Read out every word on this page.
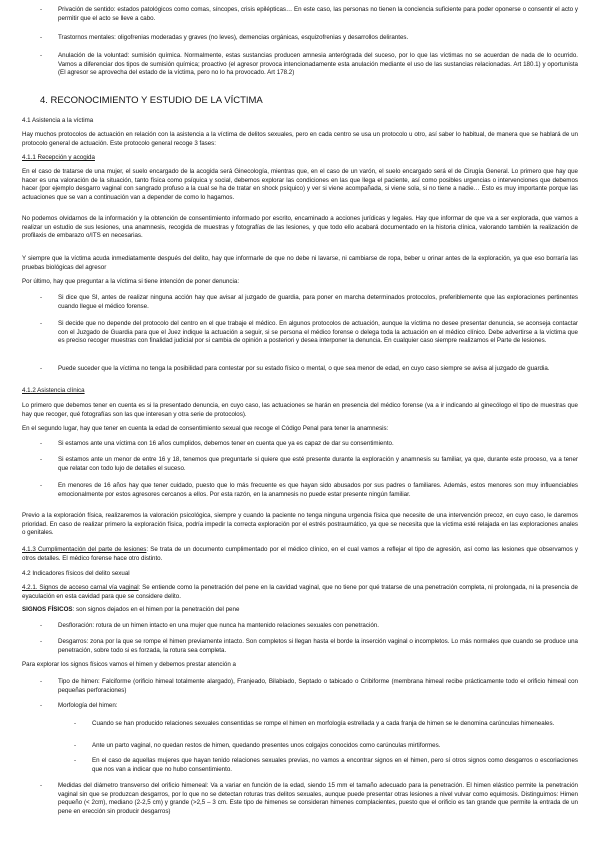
-	Privación de sentido: estados patológicos como comas, síncopes, crisis epilépticas… En este caso, las personas no tienen la conciencia suficiente para poder oponerse o consentir el acto y permitir que el acto se lleve a cabo.

-	Trastornos mentales: oligofrenias moderadas y graves (no leves), demencias orgánicas, esquizofrenias y desarrollos delirantes.

-	Anulación de la voluntad: sumisión química. Normalmente, estas sustancias producen amnesia anterógrada del suceso, por lo que las víctimas no se acuerdan de nada de lo ocurrido. Vamos a diferenciar dos tipos de sumisión química; proactivo (el agresor provoca intencionadamente esta anulación mediante el uso de las sustancias relacionadas. Art 180.1) y oportunista (El agresor se aprovecha del estado de la víctima, pero no lo ha provocado. Art 178.2)

4. RECONOCIMIENTO Y ESTUDIO DE LA VÍCTIMA

4.1 Asistencia a la víctima

Hay muchos protocolos de actuación en relación con la asistencia a la víctima de delitos sexuales, pero en cada centro se usa un protocolo u otro, así saber lo habitual, de manera que se hablará de un protocolo general de actuación. Este protocolo general recoge 3 fases:

4.1.1 Recepción y acogida

En el caso de tratarse de una mujer, el suelo encargado de la acogida será Ginecología, mientras que, en el caso de un varón, el suelo encargado será el de Cirugía General. Lo primero que hay que hacer es una valoración de la situación, tanto física como psíquica y social, debemos explorar las condiciones en las que llega el paciente, así como posibles urgencias o intervenciones que debemos hacer (por ejemplo desgarro vaginal con sangrado profuso a la cual se ha de tratar en shock psíquico) y ver si viene acompañada, si viene sola, si no tiene a nadie… Esto es muy importante porque las actuaciones que se van a continuación van a depender de como lo hagamos.

No podemos olvidarnos de la información y la obtención de consentimiento informado por escrito, encaminado a acciones jurídicas y legales. Hay que informar de que va a ser explorada, que vamos a realizar un estudio de sus lesiones, una anamnesis, recogida de muestras y fotografías de las lesiones, y que todo ello acabará documentado en la historia clínica, valorando también la realización de profilaxis de embarazo o/ITS en necesarias.

Y siempre que la víctima acuda inmediatamente después del delito, hay que informarle de que no debe ni lavarse, ni cambiarse de ropa, beber u orinar antes de la exploración, ya que eso borraría las pruebas biológicas del agresor

Por último, hay que preguntar a la víctima si tiene intención de poner denuncia:

-	Si dice que SI, antes de realizar ninguna acción hay que avisar al juzgado de guardia, para poner en marcha determinados protocolos, preferiblemente que las exploraciones pertinentes cuando llegue el médico forense.

-	Si decide que no depende del protocolo del centro en el que trabaje el médico. En algunos protocolos de actuación, aunque la víctima no desee presentar denuncia, se aconseja contactar con el Juzgado de Guardia para que el Juez indique la actuación a seguir, si se persona el médico forense o delega toda la actuación en el médico clínico. Debe advertirse a la víctima que es preciso recoger muestras con finalidad judicial por si cambia de opinión a posteriori y desea interponer la denuncia. En cualquier caso siempre realizamos el Parte de lesiones.

-	Puede suceder que la víctima no tenga la posibilidad para contestar por su estado físico o mental, o que sea menor de edad, en cuyo caso siempre se avisa al juzgado de guardia.

4.1.2 Asistencia clínica

Lo primero que debemos tener en cuenta es si la presentado denuncia, en cuyo caso, las actuaciones se harán en presencia del médico forense (va a ir indicando al ginecólogo el tipo de muestras que hay que recoger, qué fotografías son las que interesan y otra serie de protocolos).

En el segundo lugar, hay que tener en cuenta la edad de consentimiento sexual que recoge el Código Penal para tener la anamnesis:

-	Si estamos ante una víctima con 16 años cumplidos, debemos tener en cuenta que ya es capaz de dar su consentimiento.

-	Si estamos ante un menor de entre 16 y 18, tenemos que preguntarle si quiere que esté presente durante la exploración y anamnesis su familiar, ya que, durante este proceso, va a tener que relatar con todo lujo de detalles el suceso.

-	En menores de 16 años hay que tener cuidado, puesto que lo más frecuente es que hayan sido abusados por sus padres o familiares. Además, estos menores son muy influenciables emocionalmente por estos agresores cercanos a ellos. Por esta razón, en la anamnesis no puede estar presente ningún familiar.

Previo a la exploración física, realizaremos la valoración psicológica, siempre y cuando la paciente no tenga ninguna urgencia física que necesite de una intervención precoz, en cuyo caso, le daremos prioridad. En caso de realizar primero la exploración física, podría impedir la correcta exploración por el estrés postraumático, ya que se necesita que la víctima esté relajada en las exploraciones anales o genitales.

4.1.3 Cumplimentación del parte de lesiones: Se trata de un documento cumplimentado por el médico clínico, en el cual vamos a reflejar el tipo de agresión, así como las lesiones que observamos y otros detalles. El médico forense hace otro distinto.

4.2 Indicadores físicos del delito sexual

4.2.1. Signos de acceso carnal vía vaginal: Se entiende como la penetración del pene en la cavidad vaginal, que no tiene por qué tratarse de una penetración completa, ni prolongada, ni la presencia de eyaculación en esta cavidad para que se considere delito.

SIGNOS FÍSICOS: son signos dejados en el himen por la penetración del pene

-	Desfloración: rotura de un himen intacto en una mujer que nunca ha mantenido relaciones sexuales con penetración.

-	Desgarros: zona por la que se rompe el himen previamente intacto. Son completos si llegan hasta el borde la inserción vaginal o incompletos. Lo más normales que cuando se produce una penetración, sobre todo si es forzada, la rotura sea completa.

Para explorar los signos físicos vamos el himen y debemos prestar atención a

-	Tipo de himen: Falciforme (orificio himeal totalmente alargado), Franjeado, Bilabiado, Septado o tabicado o Cribiforme (membrana himeal recibe prácticamente todo el orificio himeal con pequeñas perforaciones)

-	Morfología del himen:

-	Cuando se han producido relaciones sexuales consentidas se rompe el himen en morfología estrellada y a cada franja de himen se le denomina carúnculas himeneales.

-	Ante un parto vaginal, no quedan restos de himen, quedando presentes unos colgajos conocidos como carúnculas mirtiformes.

-	En el caso de aquellas mujeres que hayan tenido relaciones sexuales previas, no vamos a encontrar signos en el himen, pero sí otros signos como desgarros o escoriaciones que nos van a indicar que no hubo consentimiento.

-	Medidas del diámetro transverso del orificio himeneal: Va a variar en función de la edad, siendo 15 mm el tamaño adecuado para la penetración. El himen elástico permite la penetración vaginal sin que se produzcan desgarros, por lo que no se detectan roturas tras delitos sexuales, aunque puede presentar otras lesiones a nivel vulvar como equimosis. Distinguimos: Himen pequeño (< 2cm), mediano (2-2,5 cm) y grande (>2,5 – 3 cm. Este tipo de himenes se consideran himenes complacientes, puesto que el orificio es tan grande que permite la entrada de un pene en erección sin producir desgarros)
